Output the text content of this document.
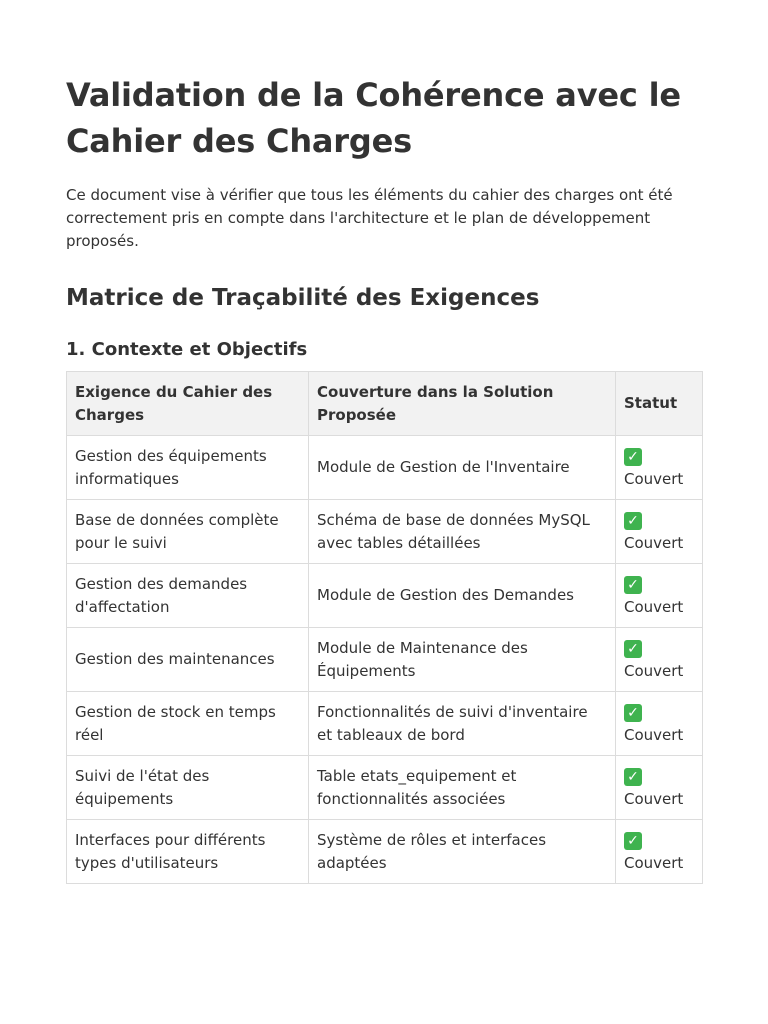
Validation de la Cohérence avec le Cahier des Charges

Ce document vise à vérifier que tous les éléments du cahier des charges ont été correctement pris en compte dans l'architecture et le plan de développement proposés.

Matrice de Traçabilité des Exigences
1. Contexte et Objectifs
Exigence du Cahier des Charges	Couverture dans la Solution Proposée	Statut
Gestion des équipements informatiques	Module de Gestion de l'Inventaire	✓
Couvert

Base de données complète pour le suivi	Schéma de base de données MySQL avec tables détaillées	✓
Couvert

Gestion des demandes d'affectation	Module de Gestion des Demandes	✓
Couvert

Gestion des maintenances	Module de Maintenance des Équipements	✓
Couvert

Gestion de stock en temps réel	Fonctionnalités de suivi d'inventaire et tableaux de bord	✓
Couvert

Suivi de l'état des équipements	Table etats_equipement et fonctionnalités associées	✓
Couvert

Interfaces pour différents types d'utilisateurs	Système de rôles et interfaces adaptées	✓
Couvert
